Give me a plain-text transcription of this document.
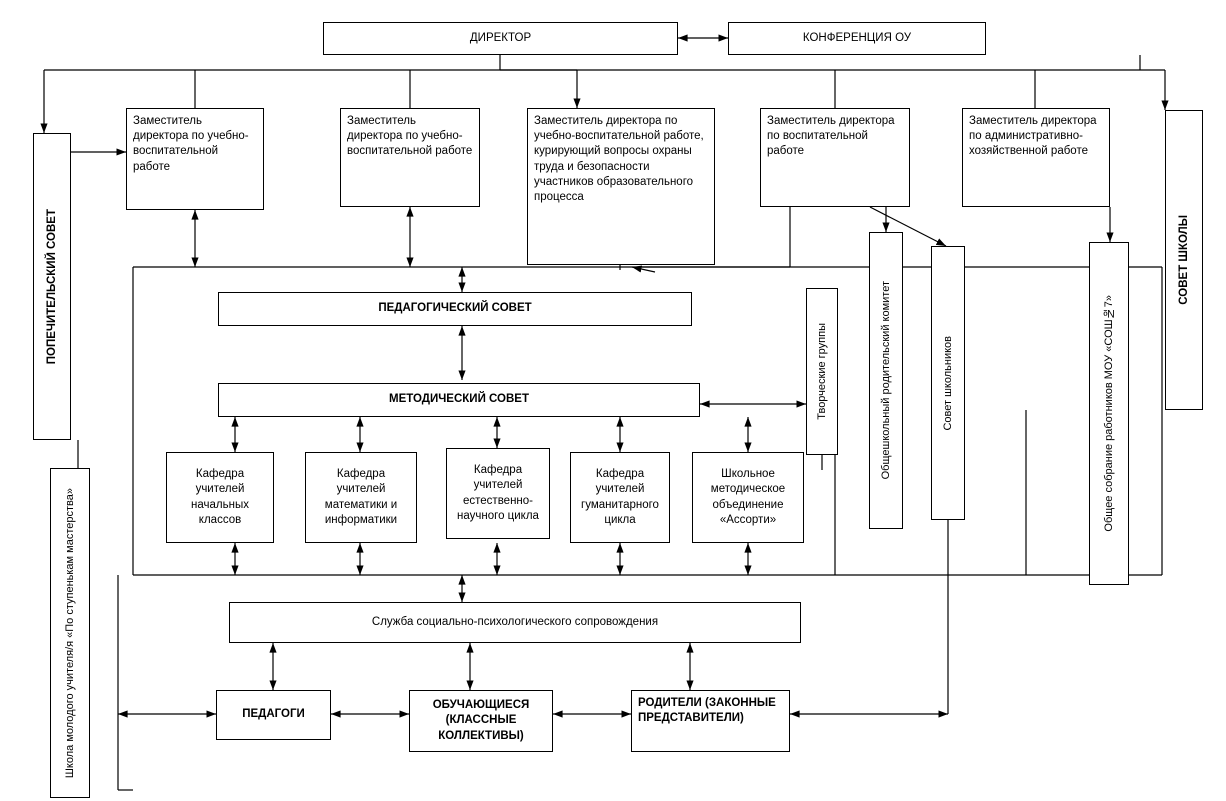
ДИРЕКТОР	КОНФЕРЕНЦИЯ ОУ
Заместитель директора по учебно-воспитательной работе
Заместитель директора по учебно-воспитательной работе
Заместитель директора по учебно-воспитательной работе, курирующий вопросы охраны труда и безопасности участников образовательного процесса
Заместитель директора по воспитательной работе
Заместитель директора по административно-хозяйственной работе
ПОПЕЧИТЕЛЬСКИЙ СОВЕТ	СОВЕТ ШКОЛЫ
Школа молодого учителя/я «По ступенькам мастерства»
Творческие группы	Общешкольный родительский комитет	Совет школьников	Общее собрание работников МОУ «СОШ№7»
ПЕДАГОГИЧЕСКИЙ СОВЕТ
МЕТОДИЧЕСКИЙ СОВЕТ
Кафедра учителей начальных классов
Кафедра учителей математики и информатики
Кафедра учителей естественно-научного цикла
Кафедра учителей гуманитарного цикла
Школьное методическое объединение «Ассорти»
Служба социально-психологического сопровождения
ПЕДАГОГИ
ОБУЧАЮЩИЕСЯ (КЛАССНЫЕ КОЛЛЕКТИВЫ)
РОДИТЕЛИ (ЗАКОННЫЕ ПРЕДСТАВИТЕЛИ)
